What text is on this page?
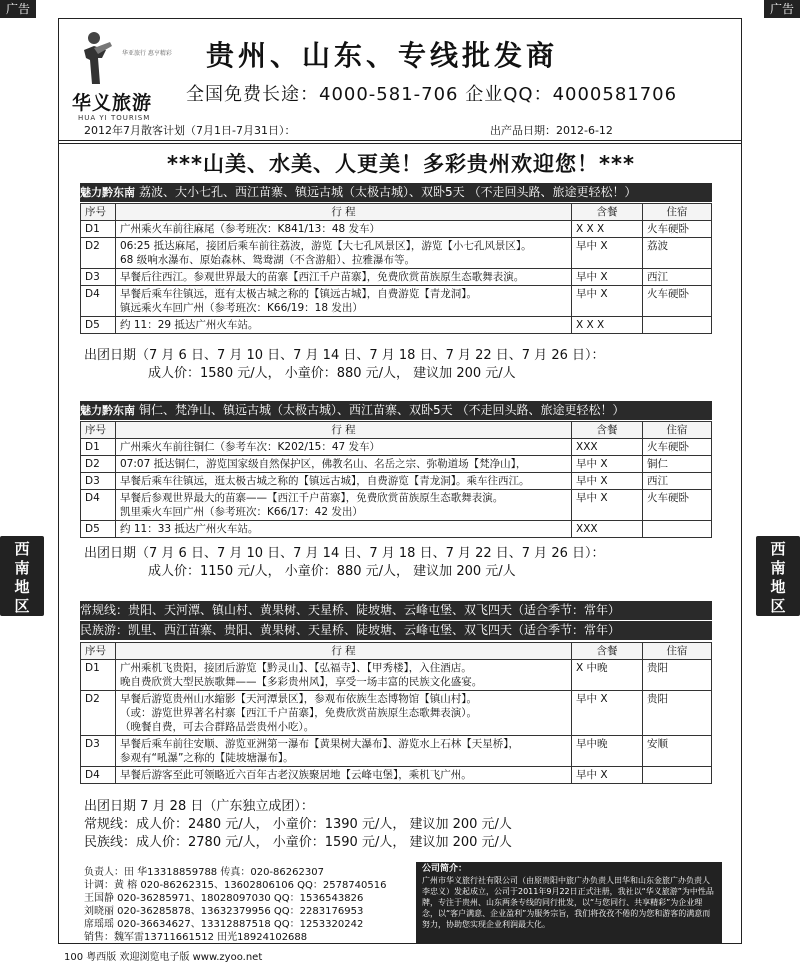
广告	广告
西
南
地
区
西
南
地
区
华亚旅行 惠亨精彩
华义旅游
HUA YI TOURISM
贵州、山东、专线批发商
全国免费长途：4000-581-706 企业QQ：4000581706
2012年7月散客计划（7月1日-7月31日）：	出产品日期：2012-6-12
***山美、水美、人更美！多彩贵州欢迎您！***
魅力黔东南 荔波、大小七孔、西江苗寨、镇远古城（太极古城）、双卧5天 （不走回头路、旅途更轻松！）
序号	行 程	含餐	住宿
D1	广州乘火车前往麻尾（参考班次：K841/13：48 发车）	X X X	火车硬卧
D2	06:25 抵达麻尾，接团后乘车前往荔波，游览【大七孔风景区】，游览【小七孔风景区】。
68 级响水瀑布、原始森林、鸳鸯湖（不含游船）、拉雅瀑布等。	早中 X	荔波
D3	早餐后往西江。参观世界最大的苗寨【西江千户苗寨】，免费欣赏苗族原生态歌舞表演。	早中 X	西江
D4	早餐后乘车往镇远，逛有太极古城之称的【镇远古城】，自费游览【青龙洞】。
镇远乘火车回广州（参考班次：K66/19：18 发出）	早中 X	火车硬卧
D5	约 11：29 抵达广州火车站。	X X X	
出团日期（7 月 6 日、7 月 10 日、7 月 14 日、7 月 18 日、7 月 22 日、7 月 26 日）：
成人价：1580 元/人， 小童价：880 元/人， 建议加 200 元/人
魅力黔东南 铜仁、梵净山、镇远古城（太极古城）、西江苗寨、双卧5天 （不走回头路、旅途更轻松！）
序号	行 程	含餐	住宿
D1	广州乘火车前往铜仁（参考车次：K202/15：47 发车）	XXX	火车硬卧
D2	07:07 抵达铜仁，游览国家级自然保护区，佛教名山、名岳之宗、弥勒道场【梵净山】，	早中 X	铜仁
D3	早餐后乘车往镇远，逛太极古城之称的【镇远古城】，自费游览【青龙洞】。乘车往西江。	早中 X	西江
D4	早餐后参观世界最大的苗寨——【西江千户苗寨】，免费欣赏苗族原生态歌舞表演。
凯里乘火车回广州（参考班次：K66/17：42 发出）	早中 X	火车硬卧
D5	约 11：33 抵达广州火车站。	XXX	
出团日期（7 月 6 日、7 月 10 日、7 月 14 日、7 月 18 日、7 月 22 日、7 月 26 日）：
成人价：1150 元/人， 小童价：880 元/人， 建议加 200 元/人
常规线：贵阳、天河潭、镇山村、黄果树、天星桥、陡坡塘、云峰屯堡、双飞四天（适合季节：常年）
民族游：凯里、西江苗寨、贵阳、黄果树、天星桥、陡坡塘、云峰屯堡、双飞四天（适合季节：常年）
序号	行 程	含餐	住宿
D1	广州乘机飞贵阳，接团后游览【黔灵山】、【弘福寺】、【甲秀楼】，入住酒店。
晚自费欣赏大型民族歌舞——【多彩贵州风】，享受一场丰富的民族文化盛宴。	X 中晚	贵阳
D2	早餐后游览贵州山水縮影【天河潭景区】，参观布依族生态博物馆【镇山村】。
（或：游览世界著名村寨【西江千户苗寨】，免费欣赏苗族原生态歌舞表演）。
（晚餐自费，可去合群路品尝贵州小吃）。	早中 X	贵阳
D3	早餐后乘车前往安顺、游览亚洲第一瀑布【黄果树大瀑布】、游览水上石林【天星桥】，
参观有“吼瀑”之称的【陡坡塘瀑布】。	早中晚	安顺
D4	早餐后游客至此可领略近六百年古老汉族聚居地【云峰屯堡】，乘机飞广州。	早中 X	
出团日期 7 月 28 日（广东独立成团）：
常规线：成人价：2480 元/人， 小童价：1390 元/人， 建议加 200 元/人
民族线：成人价：2780 元/人， 小童价：1590 元/人， 建议加 200 元/人
负责人：田 华13318859788 传真：020-86262307
计调：黄 榕 020-86262315、13602806106 QQ：2578740516
王国静 020-36285971、18028097030 QQ：1536543826
刘晓丽 020-36285878、13632379956 QQ：2283176953
席瑶瑶 020-36634627、13312887518 QQ：1253320242
销售：魏军雷13711661512 田光18924102688
公司简介：
广州市华义旅行社有限公司（由原贵阳中旅广办负责人田华和山东金旅广办负责人李忠义）发起成立，公司于2011年9月22日正式注册，我社以“华义旅游”为中性品牌，专注于贵州、山东两条专线的同行批发，以“与您同行、共享精彩”为企业理念，以“客户满意、企业盈利”为服务宗旨，我们将孜孜不倦的为您和游客的满意而努力，协助您实现企业利润最大化。
100 粤西版 欢迎浏览电子版 www.zyoo.net
